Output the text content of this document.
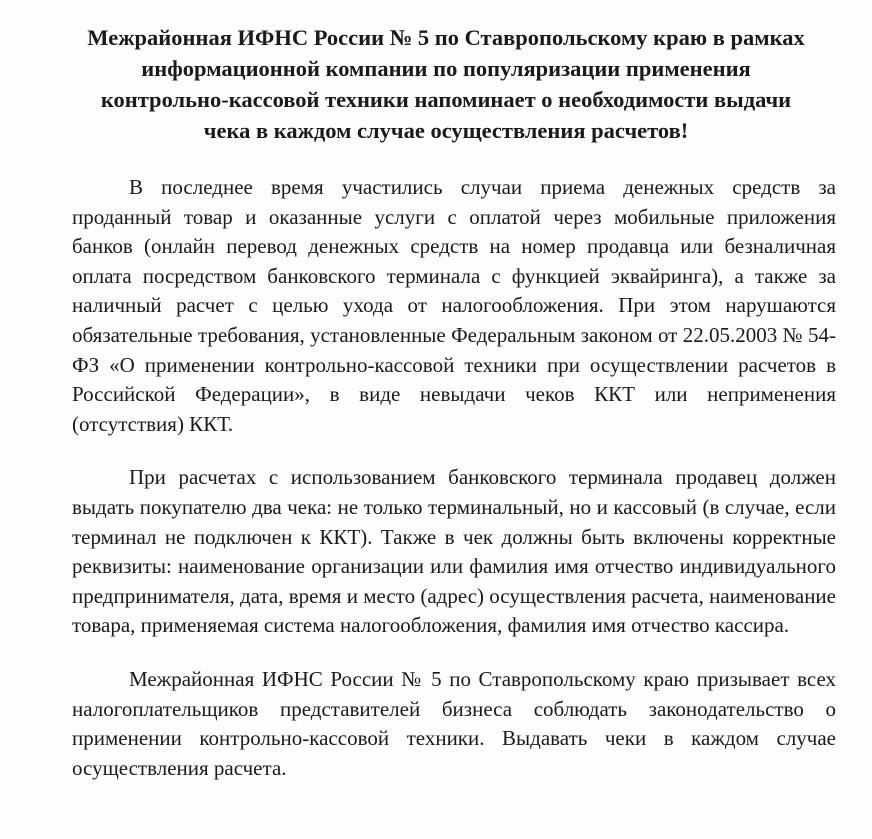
Межрайонная ИФНС России № 5 по Ставропольскому краю в рамках информационной компании по популяризации применения контрольно-кассовой техники напоминает о необходимости выдачи чека в каждом случае осуществления расчетов!

В последнее время участились случаи приема денежных средств за проданный товар и оказанные услуги с оплатой через мобильные приложения банков (онлайн перевод денежных средств на номер продавца или безналичная оплата посредством банковского терминала с функцией эквайринга), а также за наличный расчет с целью ухода от налогообложения. При этом нарушаются обязательные требования, установленные Федеральным законом от 22.05.2003 № 54-ФЗ «О применении контрольно-кассовой техники при осуществлении расчетов в Российской Федерации», в виде невыдачи чеков ККТ или неприменения (отсутствия) ККТ.

При расчетах с использованием банковского терминала продавец должен выдать покупателю два чека: не только терминальный, но и кассовый (в случае, если терминал не подключен к ККТ). Также в чек должны быть включены корректные реквизиты: наименование организации или фамилия имя отчество индивидуального предпринимателя, дата, время и место (адрес) осуществления расчета, наименование товара, применяемая система налогообложения, фамилия имя отчество кассира.

Межрайонная ИФНС России № 5 по Ставропольскому краю призывает всех налогоплательщиков представителей бизнеса соблюдать законодательство о применении контрольно-кассовой техники. Выдавать чеки в каждом случае осуществления расчета.
